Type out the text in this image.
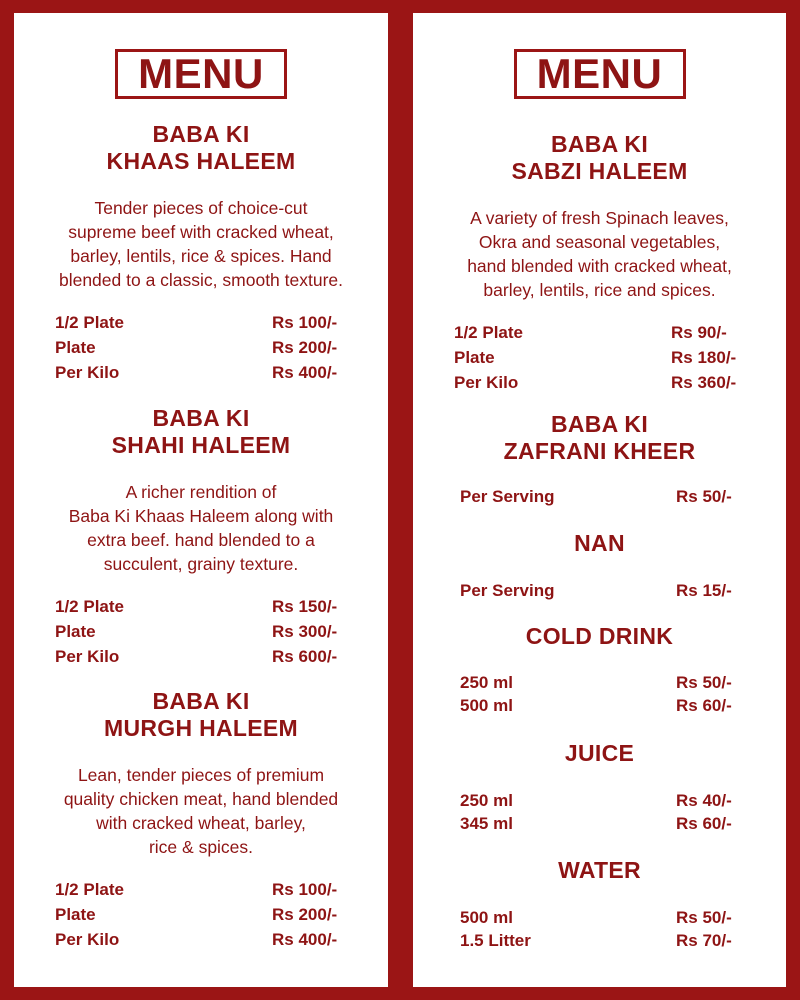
MENU
BABA KI
KHAAS HALEEM
Tender pieces of choice-cut
supreme beef with cracked wheat,
barley, lentils, rice & spices. Hand
blended to a classic, smooth texture.
1/2 Plate	Rs 100/-
Plate	Rs 200/-
Per Kilo	Rs 400/-
BABA KI
SHAHI HALEEM
A richer rendition of
Baba Ki Khaas Haleem along with
extra beef. hand blended to a
succulent, grainy texture.
1/2 Plate	Rs 150/-
Plate	Rs 300/-
Per Kilo	Rs 600/-
BABA KI
MURGH HALEEM
Lean, tender pieces of premium
quality chicken meat, hand blended
with cracked wheat, barley,
rice & spices.
1/2 Plate	Rs 100/-
Plate	Rs 200/-
Per Kilo	Rs 400/-
MENU
BABA KI
SABZI HALEEM
A variety of fresh Spinach leaves,
Okra and seasonal vegetables,
hand blended with cracked wheat,
barley, lentils, rice and spices.
1/2 Plate	Rs 90/-
Plate	Rs 180/-
Per Kilo	Rs 360/-
BABA KI
ZAFRANI KHEER
Per Serving	Rs 50/-
NAN
Per Serving	Rs 15/-
COLD DRINK
250 ml	Rs 50/-
500 ml	Rs 60/-
JUICE
250 ml	Rs 40/-
345 ml	Rs 60/-
WATER
500 ml	Rs 50/-
1.5 Litter	Rs 70/-
